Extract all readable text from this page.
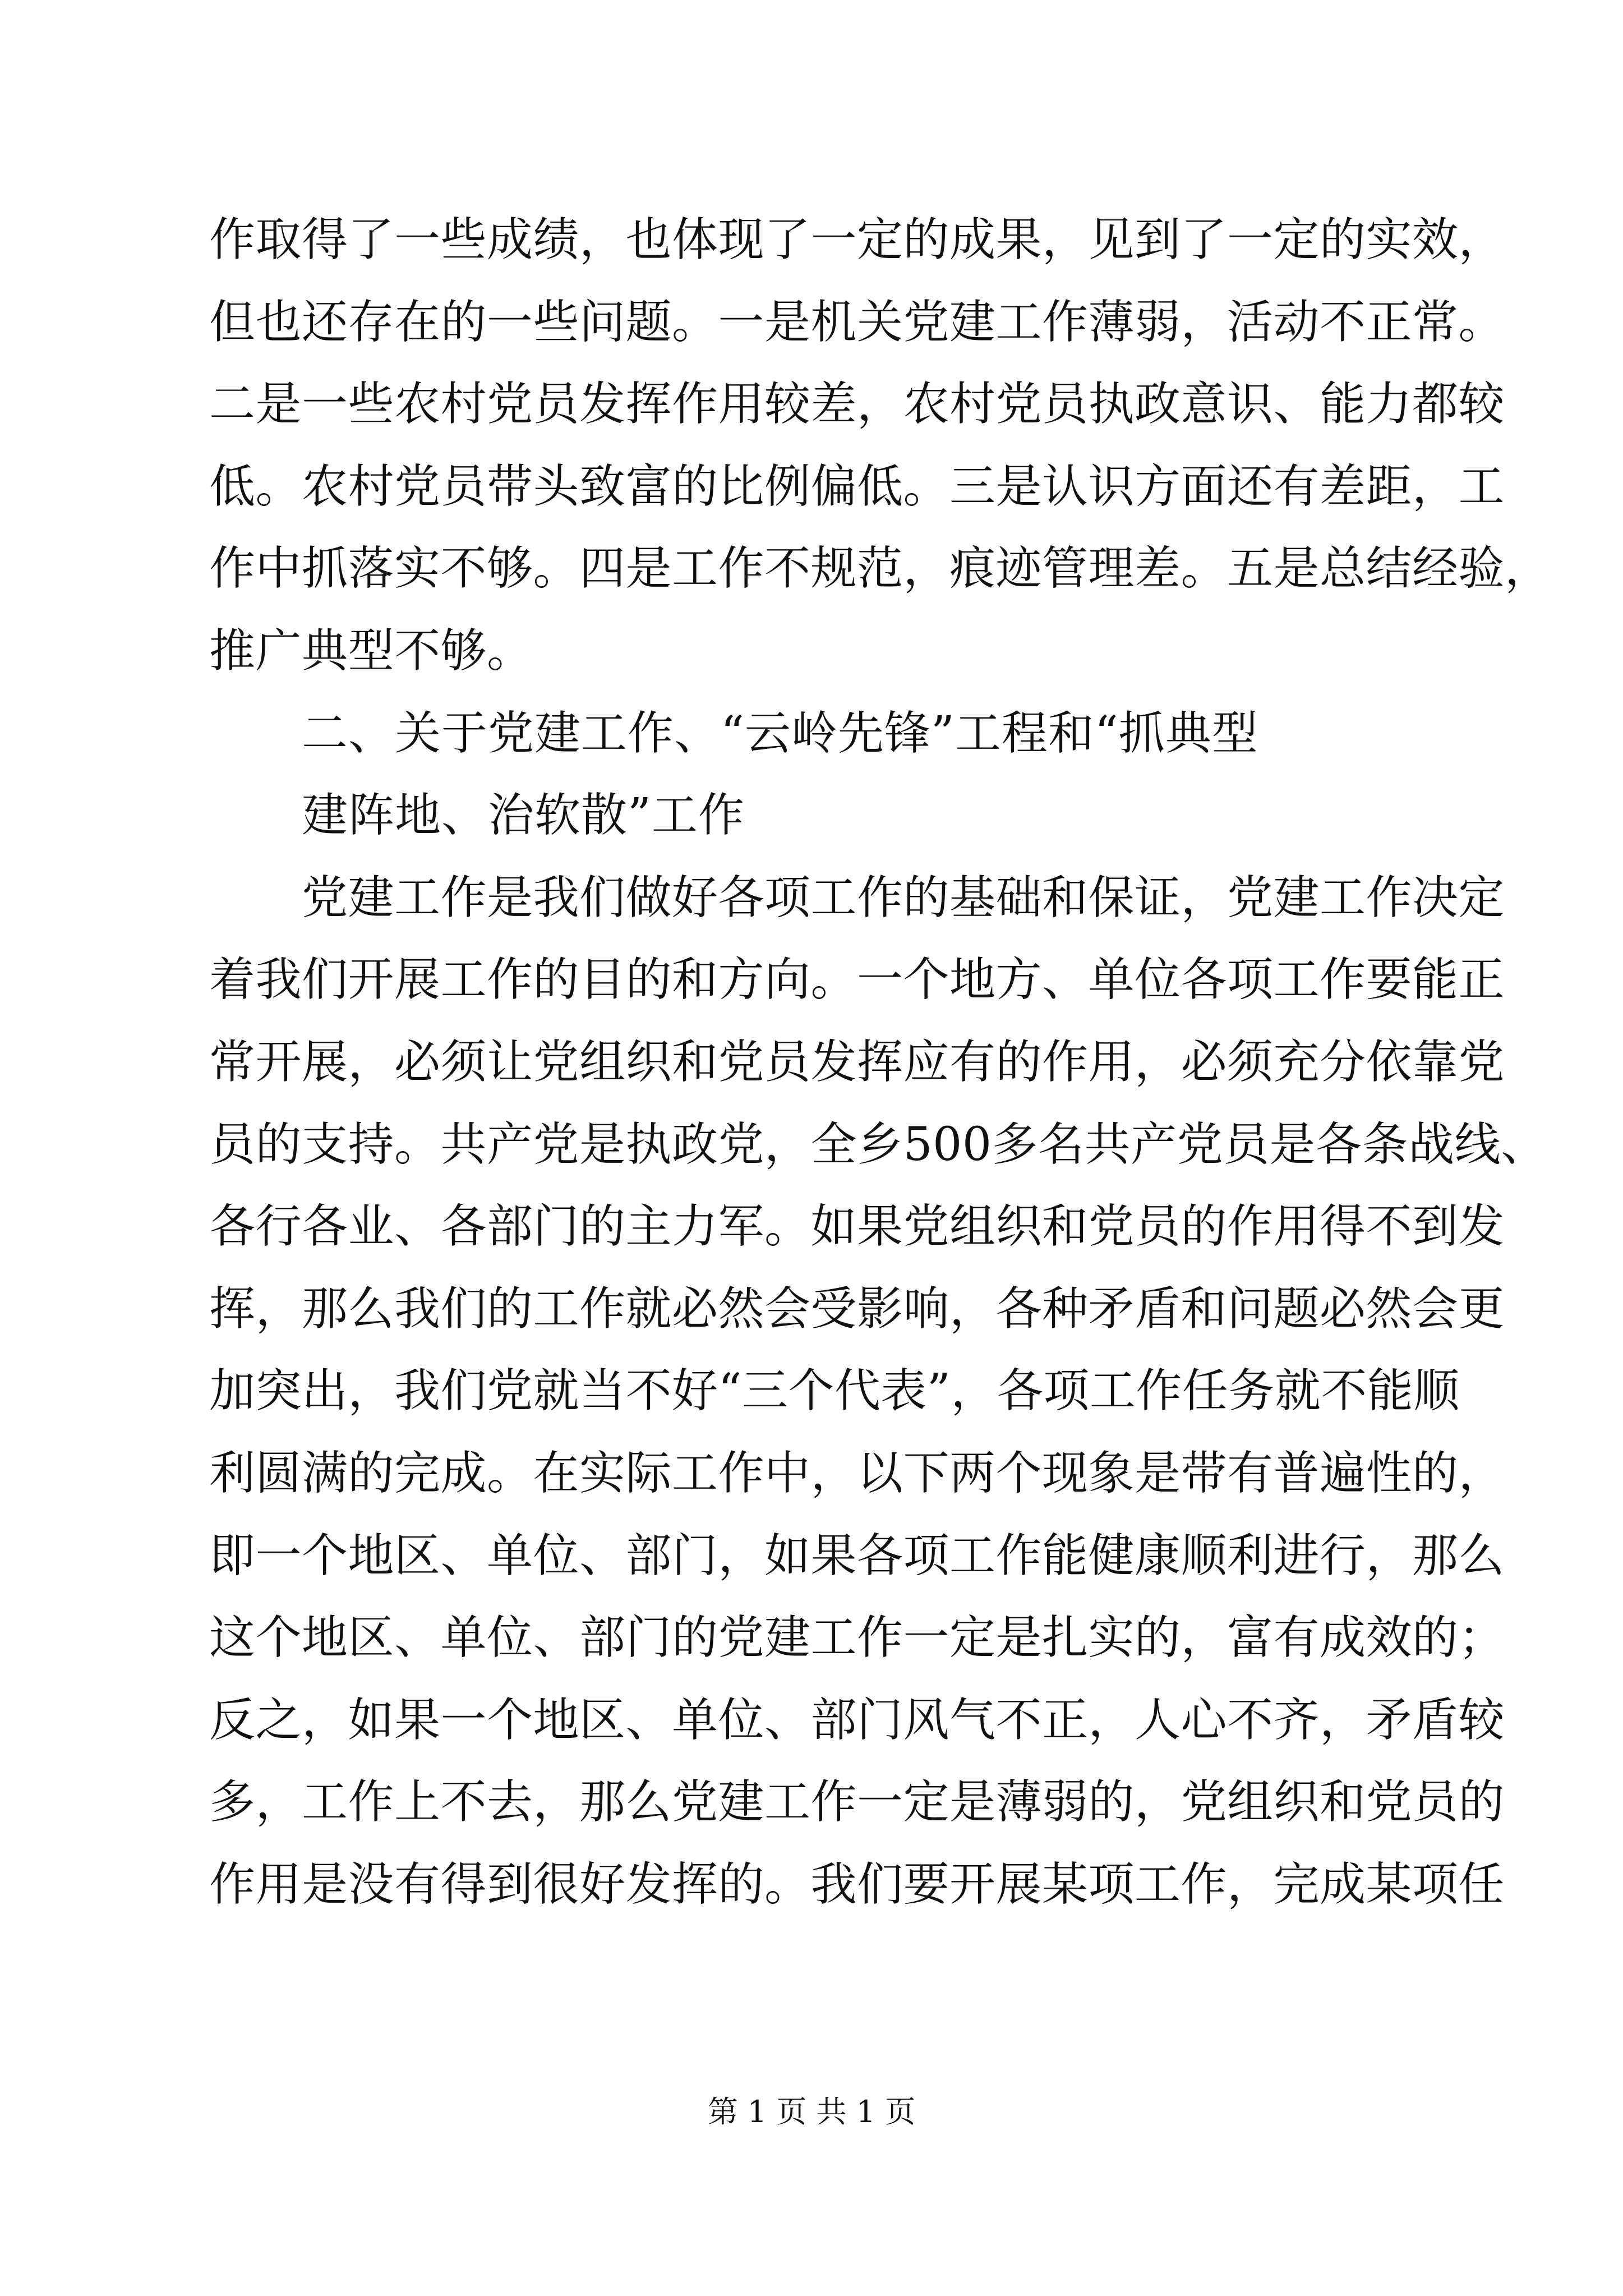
作取得了一些成绩，也体现了一定的成果，见到了一定的实效，
但也还存在的一些问题。一是机关党建工作薄弱，活动不正常。
二是一些农村党员发挥作用较差，农村党员执政意识、能力都较
低。农村党员带头致富的比例偏低。三是认识方面还有差距，工
作中抓落实不够。四是工作不规范，痕迹管理差。五是总结经验，
推广典型不够。
二、关于党建工作、“云岭先锋”工程和“抓典型
建阵地、治软散”工作
党建工作是我们做好各项工作的基础和保证，党建工作决定
着我们开展工作的目的和方向。一个地方、单位各项工作要能正
常开展，必须让党组织和党员发挥应有的作用，必须充分依靠党
员的支持。共产党是执政党，全乡500多名共产党员是各条战线、
各行各业、各部门的主力军。如果党组织和党员的作用得不到发
挥，那么我们的工作就必然会受影响，各种矛盾和问题必然会更
加突出，我们党就当不好“三个代表”，各项工作任务就不能顺
利圆满的完成。在实际工作中，以下两个现象是带有普遍性的，
即一个地区、单位、部门，如果各项工作能健康顺利进行，那么
这个地区、单位、部门的党建工作一定是扎实的，富有成效的；
反之，如果一个地区、单位、部门风气不正，人心不齐，矛盾较
多，工作上不去，那么党建工作一定是薄弱的，党组织和党员的
作用是没有得到很好发挥的。我们要开展某项工作，完成某项任
第 1 页 共 1 页
